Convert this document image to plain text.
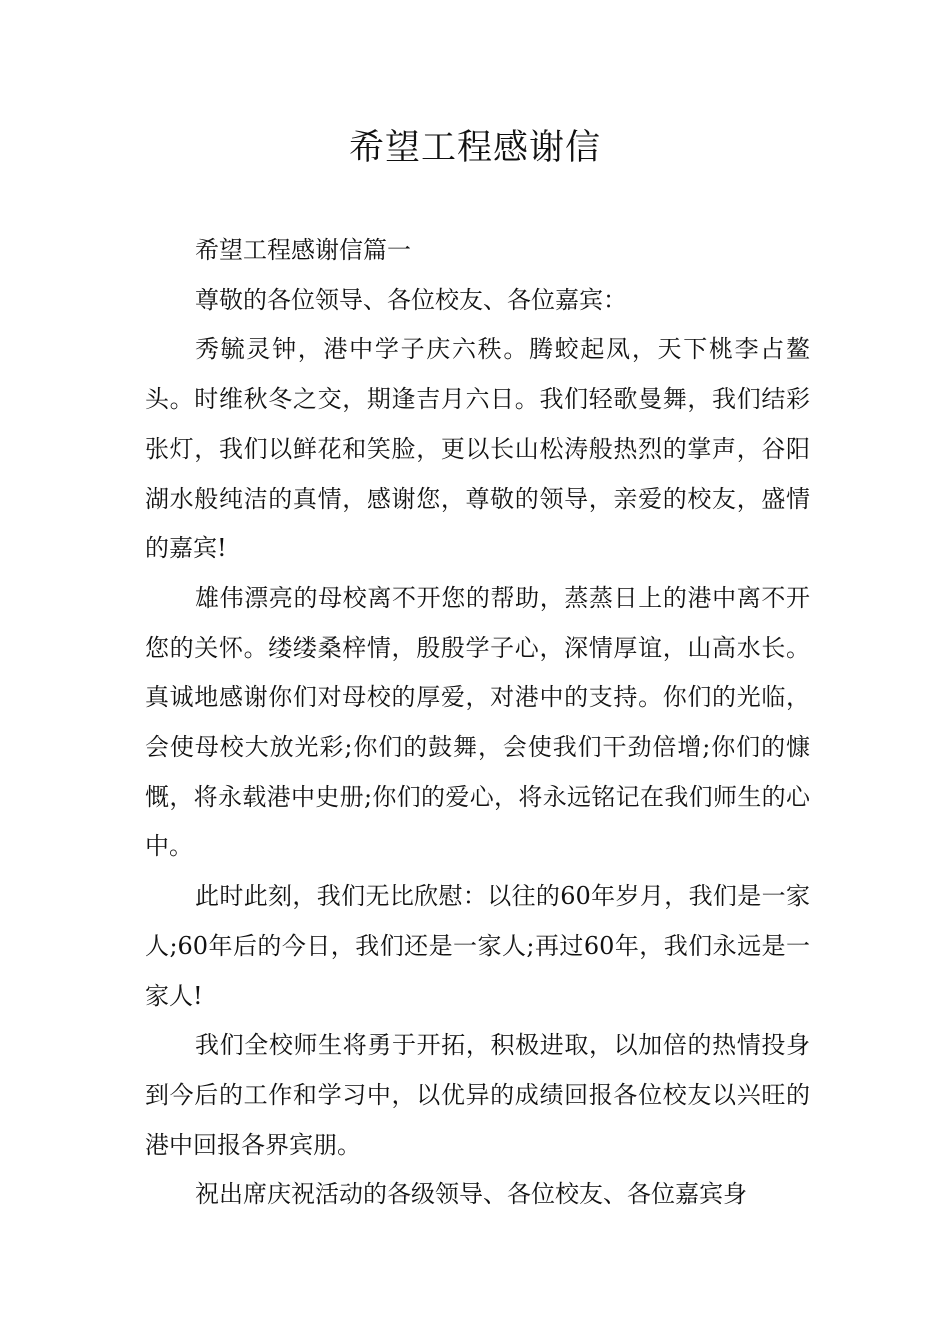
希望工程感谢信

希望工程感谢信篇一

尊敬的各位领导、各位校友、各位嘉宾：

秀毓灵钟，港中学子庆六秩。腾蛟起凤，天下桃李占鳌头。时维秋冬之交，期逢吉月六日。我们轻歌曼舞，我们结彩张灯，我们以鲜花和笑脸，更以长山松涛般热烈的掌声，谷阳湖水般纯洁的真情，感谢您，尊敬的领导，亲爱的校友，盛情的嘉宾!

雄伟漂亮的母校离不开您的帮助，蒸蒸日上的港中离不开您的关怀。缕缕桑梓情，殷殷学子心，深情厚谊，山高水长。真诚地感谢你们对母校的厚爱，对港中的支持。你们的光临，会使母校大放光彩;你们的鼓舞，会使我们干劲倍增;你们的慷慨，将永载港中史册;你们的爱心，将永远铭记在我们师生的心中。

此时此刻，我们无比欣慰：以往的60年岁月，我们是一家人;60年后的今日，我们还是一家人;再过60年，我们永远是一家人!

我们全校师生将勇于开拓，积极进取，以加倍的热情投身到今后的工作和学习中，以优异的成绩回报各位校友以兴旺的港中回报各界宾朋。

祝出席庆祝活动的各级领导、各位校友、各位嘉宾身
